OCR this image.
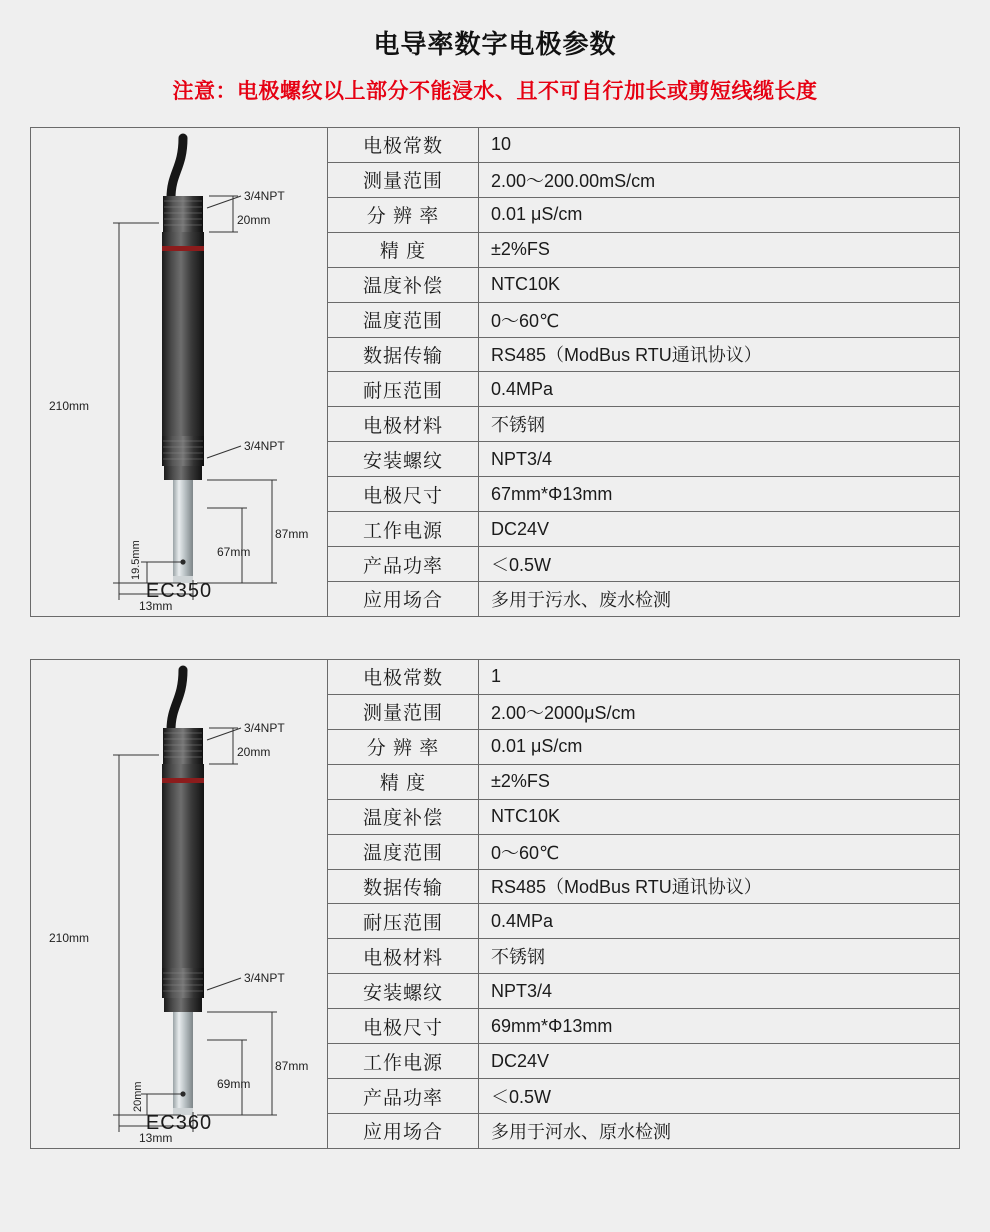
电导率数字电极参数
注意：电极螺纹以上部分不能浸水、且不可自行加长或剪短线缆长度
3/4NPT
3/4NPT
20mm
210mm
87mm
67mm
19.5mm
13mm
EC350
电极常数	10
测量范围	2.00～200.00mS/cm
分 辨 率	0.01 μS/cm
精 度	±2%FS
温度补偿	NTC10K
温度范围	0～60℃
数据传输	RS485（ModBus RTU通讯协议）
耐压范围	0.4MPa
电极材料	不锈钢
安装螺纹	NPT3/4
电极尺寸	67mm*Φ13mm
工作电源	DC24V
产品功率	＜0.5W
应用场合	多用于污水、废水检测
3/4NPT
3/4NPT
20mm
210mm
87mm
69mm
20mm
13mm
EC360
电极常数	1
测量范围	2.00～2000μS/cm
分 辨 率	0.01 μS/cm
精 度	±2%FS
温度补偿	NTC10K
温度范围	0～60℃
数据传输	RS485（ModBus RTU通讯协议）
耐压范围	0.4MPa
电极材料	不锈钢
安装螺纹	NPT3/4
电极尺寸	69mm*Φ13mm
工作电源	DC24V
产品功率	＜0.5W
应用场合	多用于河水、原水检测
